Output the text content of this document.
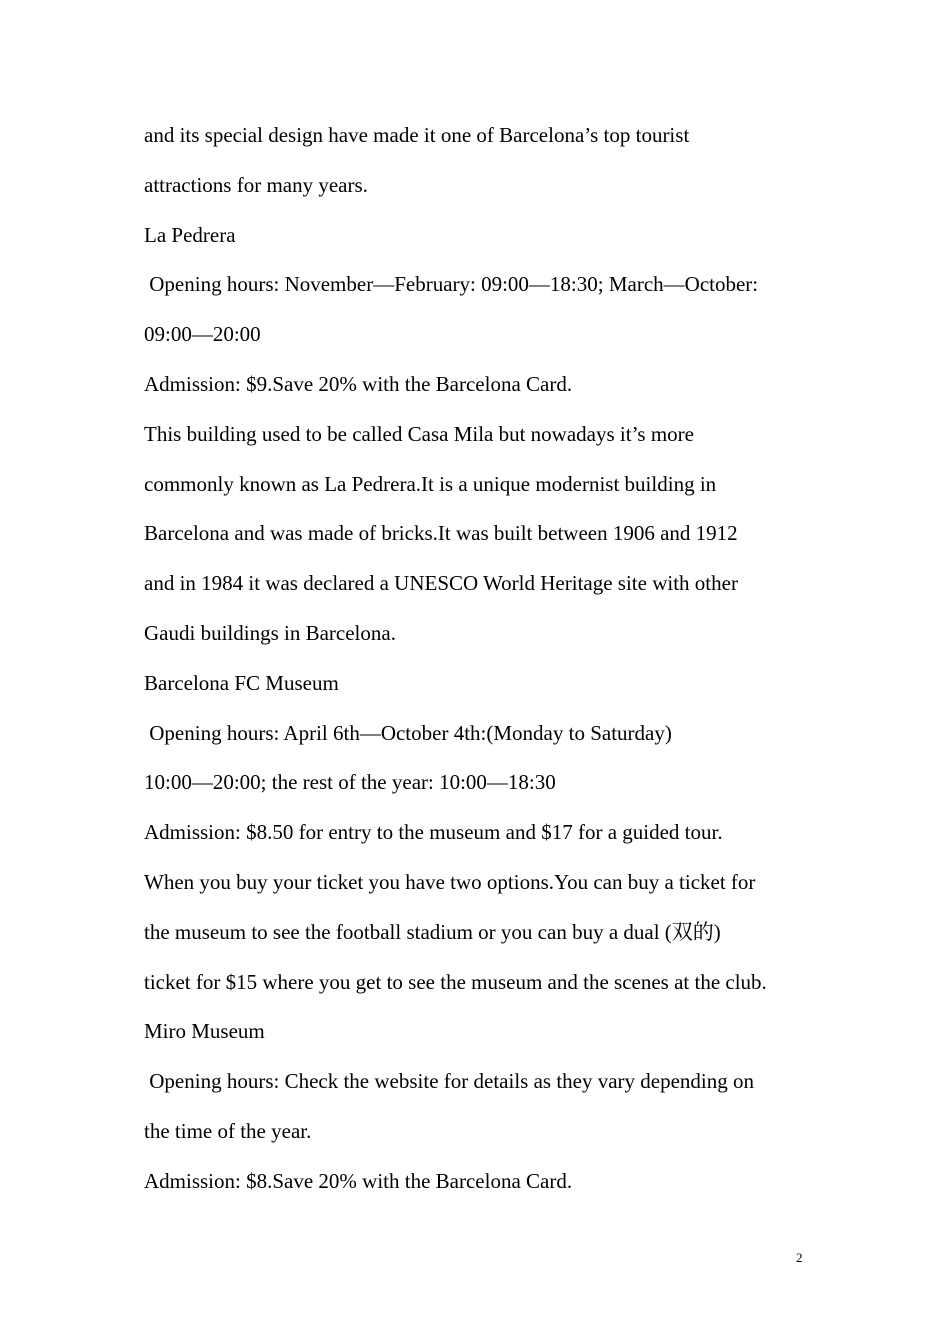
and its special design have made it one of Barcelona’s top tourist
attractions for many years.
La Pedrera
Opening hours: November—February: 09:00—18:30; March—October:
09:00—20:00
Admission: $9.Save 20% with the Barcelona Card.
This building used to be called Casa Mila but nowadays it’s more
commonly known as La Pedrera.It is a unique modernist building in
Barcelona and was made of bricks.It was built between 1906 and 1912
and in 1984 it was declared a UNESCO World Heritage site with other
Gaudi buildings in Barcelona.
Barcelona FC Museum
Opening hours: April 6th—October 4th:(Monday to Saturday)
10:00—20:00; the rest of the year: 10:00—18:30
Admission: $8.50 for entry to the museum and $17 for a guided tour.
When you buy your ticket you have two options.You can buy a ticket for
the museum to see the football stadium or you can buy a dual (双的)
ticket for $15 where you get to see the museum and the scenes at the club.
Miro Museum
Opening hours: Check the website for details as they vary depending on
the time of the year.
Admission: $8.Save 20% with the Barcelona Card.
2
